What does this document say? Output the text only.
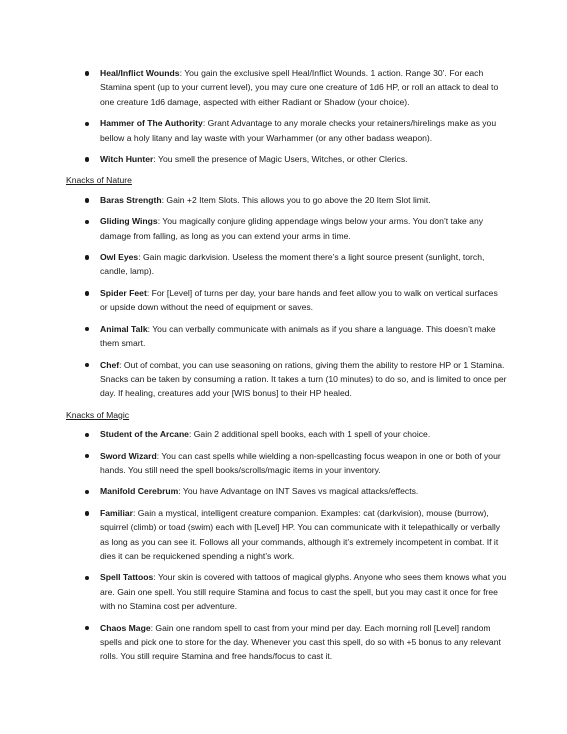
Heal/Inflict Wounds: You gain the exclusive spell Heal/Inflict Wounds. 1 action. Range 30’. For each Stamina spent (up to your current level), you may cure one creature of 1d6 HP, or roll an attack to deal to one creature 1d6 damage, aspected with either Radiant or Shadow (your choice).
Hammer of The Authority: Grant Advantage to any morale checks your retainers/hirelings make as you bellow a holy litany and lay waste with your Warhammer (or any other badass weapon).
Witch Hunter: You smell the presence of Magic Users, Witches, or other Clerics.
Knacks of Nature
Baras Strength: Gain +2 Item Slots. This allows you to go above the 20 Item Slot limit.
Gliding Wings: You magically conjure gliding appendage wings below your arms. You don’t take any damage from falling, as long as you can extend your arms in time.
Owl Eyes: Gain magic darkvision. Useless the moment there’s a light source present (sunlight, torch, candle, lamp).
Spider Feet: For [Level] of turns per day, your bare hands and feet allow you to walk on vertical surfaces or upside down without the need of equipment or saves.
Animal Talk: You can verbally communicate with animals as if you share a language. This doesn’t make them smart.
Chef: Out of combat, you can use seasoning on rations, giving them the ability to restore HP or 1 Stamina. Snacks can be taken by consuming a ration. It takes a turn (10 minutes) to do so, and is limited to once per day. If healing, creatures add your [WIS bonus] to their HP healed.
Knacks of Magic
Student of the Arcane: Gain 2 additional spell books, each with 1 spell of your choice.
Sword Wizard: You can cast spells while wielding a non-spellcasting focus weapon in one or both of your hands. You still need the spell books/scrolls/magic items in your inventory.
Manifold Cerebrum: You have Advantage on INT Saves vs magical attacks/effects.
Familiar: Gain a mystical, intelligent creature companion. Examples: cat (darkvision), mouse (burrow), squirrel (climb) or toad (swim) each with [Level] HP. You can communicate with it telepathically or verbally as long as you can see it. Follows all your commands, although it’s extremely incompetent in combat. If it dies it can be requickened spending a night’s work.
Spell Tattoos: Your skin is covered with tattoos of magical glyphs. Anyone who sees them knows what you are. Gain one spell. You still require Stamina and focus to cast the spell, but you may cast it once for free with no Stamina cost per adventure.
Chaos Mage: Gain one random spell to cast from your mind per day. Each morning roll [Level] random spells and pick one to store for the day. Whenever you cast this spell, do so with +5 bonus to any relevant rolls. You still require Stamina and free hands/focus to cast it.
